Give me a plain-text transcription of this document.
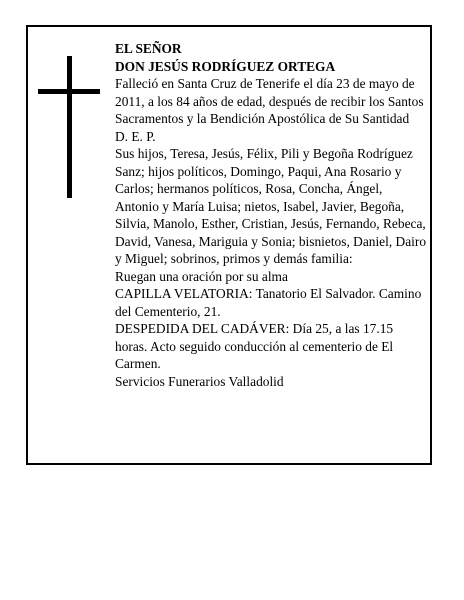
EL SEÑOR

DON JESÚS RODRÍGUEZ ORTEGA

Falleció en Santa Cruz de Tenerife el día 23 de mayo de 2011, a los 84 años de edad, después de recibir los Santos Sacramentos y la Bendición Apostólica de Su Santidad

D. E. P.

Sus hijos, Teresa, Jesús, Félix, Pili y Begoña Rodríguez Sanz; hijos políticos, Domingo, Paqui, Ana Rosario y Carlos; hermanos políticos, Rosa, Concha, Ángel, Antonio y María Luisa; nietos, Isabel, Javier, Begoña, Silvia, Manolo, Esther, Cristian, Jesús, Fernando, Rebeca, David, Vanesa, Mariguia y Sonia; bisnietos, Daniel, Dairo y Miguel; sobrinos, primos y demás familia:

Ruegan una oración por su alma

CAPILLA VELATORIA: Tanatorio El Salvador. Camino del Cementerio, 21.

DESPEDIDA DEL CADÁVER: Día 25, a las 17.15 horas. Acto seguido conducción al cementerio de El Carmen.

Servicios Funerarios Valladolid
